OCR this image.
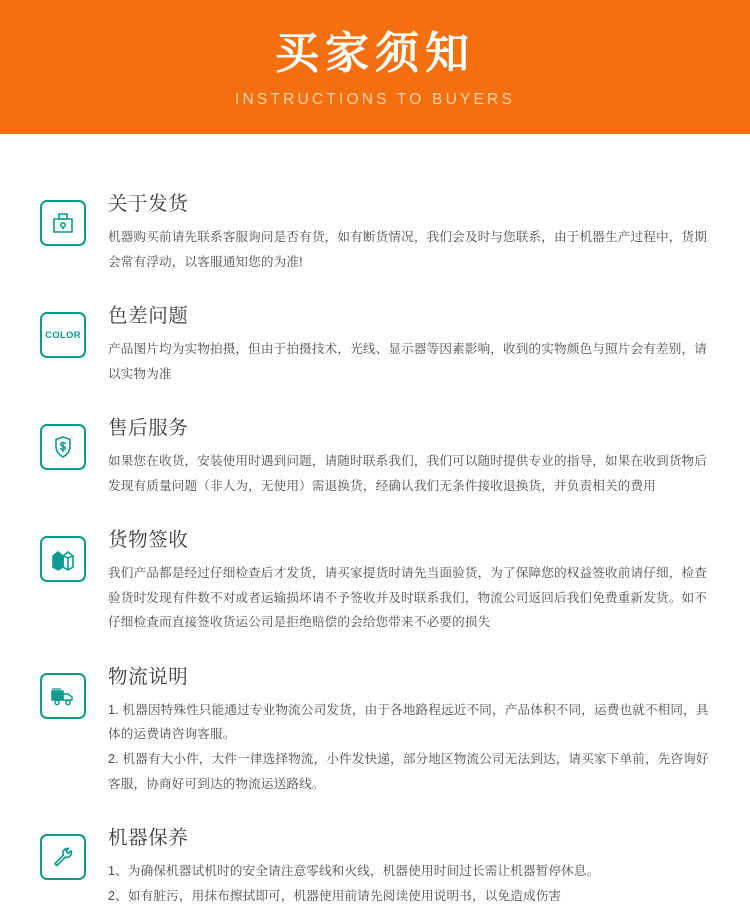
买家须知
INSTRUCTIONS TO BUYERS
关于发货

机器购买前请先联系客服询问是否有货，如有断货情况，我们会及时与您联系，由于机器生产过程中，货期会常有浮动，以客服通知您的为准!

COLOR
色差问题

产品图片均为实物拍摄，但由于拍摄技术，光线、显示器等因素影响，收到的实物颜色与照片会有差别，请以实物为准

售后服务

如果您在收货，安装使用时遇到问题，请随时联系我们，我们可以随时提供专业的指导，如果在收到货物后发现有质量问题（非人为，无使用）需退换货，经确认我们无条件接收退换货，并负责相关的费用

货物签收

我们产品都是经过仔细检查后才发货，请买家提货时请先当面验货，为了保障您的权益签收前请仔细，检查验货时发现有件数不对或者运输损坏请不予签收并及时联系我们，物流公司返回后我们免费重新发货。如不仔细检查而直接签收货运公司是拒绝赔偿的会给您带来不必要的损失

物流说明
1. 机器因特殊性只能通过专业物流公司发货，由于各地路程远近不同，产品体积不同，运费也就不相同，具体的运费请咨询客服。
2. 机器有大小件，大件一律选择物流，小件发快递，部分地区物流公司无法到达，请买家下单前，先咨询好客服，协商好可到达的物流运送路线。
机器保养
1、为确保机器试机时的安全请注意零线和火线，机器使用时间过长需让机器暂停休息。
2、如有脏污，用抹布擦拭即可，机器使用前请先阅读使用说明书，以免造成伤害
